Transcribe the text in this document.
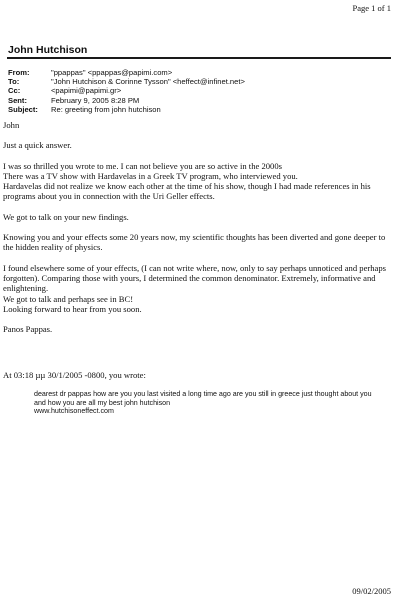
Page 1 of 1
John Hutchison
From:	"ppappas" <ppappas@papimi.com>
To:	"John Hutchison & Corinne Tysson" <heffect@infinet.net>
Cc:	<papimi@papimi.gr>
Sent:	February 9, 2005 8:28 PM
Subject: Re: greeting from john hutchison

John

Just a quick answer.

I was so thrilled you wrote to me. I can not believe you are so active in the 2000s
There was a TV show with Hardavelas in a Greek TV program, who interviewed you.
Hardavelas did not realize we know each other at the time of his show, though I had made references in his programs about you in connection with the Uri Geller effects.

We got to talk on your new findings.

Knowing you and your effects some 20 years now, my scientific thoughts has been diverted and gone deeper to the hidden reality of physics.

I found elsewhere some of your effects, (I can not write where, now, only to say perhaps unnoticed and perhaps forgotten). Comparing those with yours, I determined the common denominator. Extremely, informative and enlightening.
We got to talk and perhaps see in BC!
Looking forward to hear from you soon.

Panos Pappas.

At 03:18 µµ 30/1/2005 -0800, you wrote:
dearest dr pappas how are you you last visited a long time ago are you still in greece just thought about you and how you are all my best john hutchison
www.hutchisoneffect.com
09/02/2005
